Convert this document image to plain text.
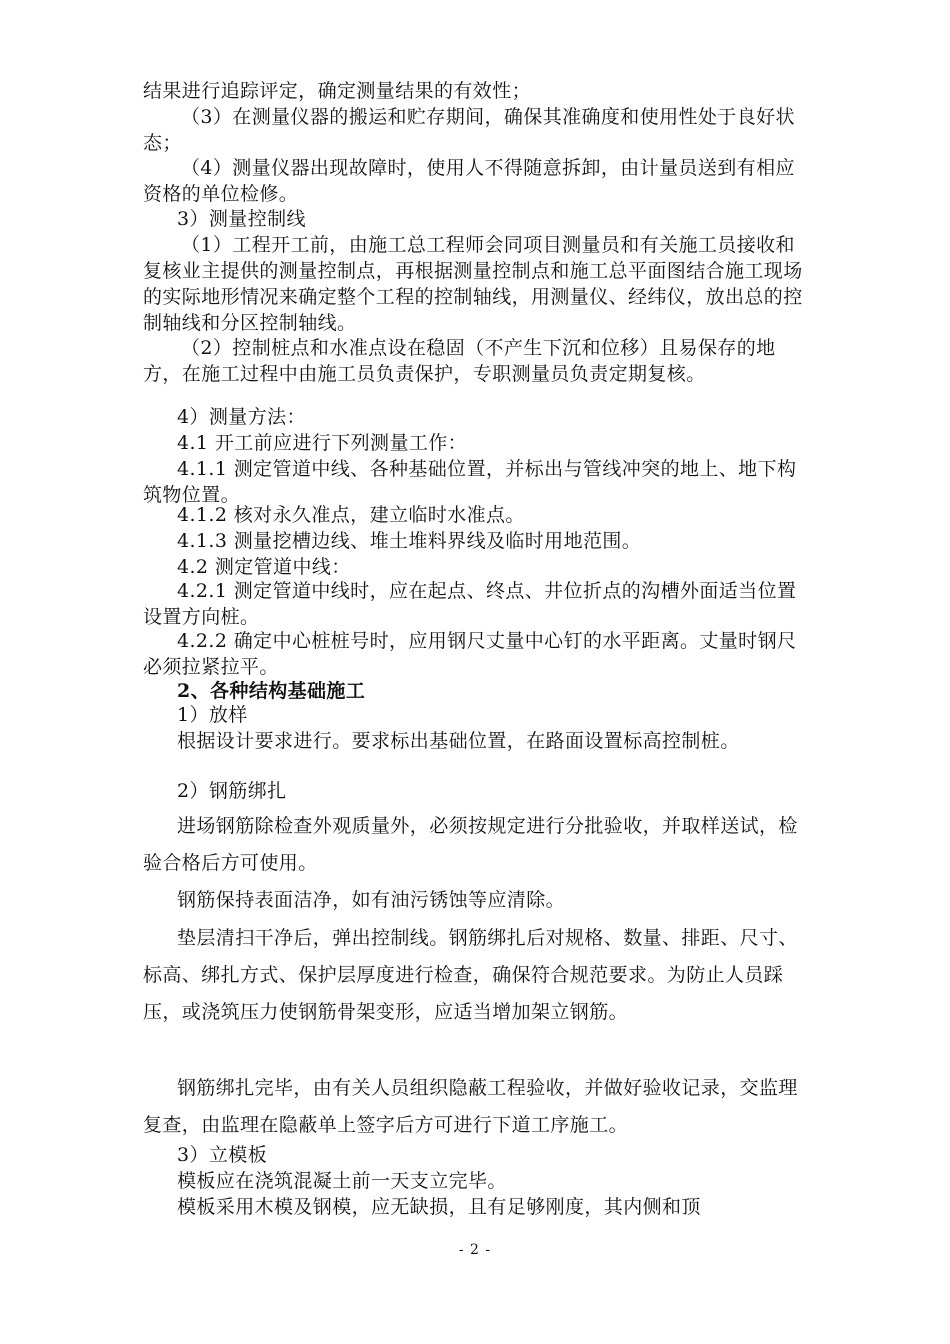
结果进行追踪评定，确定测量结果的有效性；

（3）在测量仪器的搬运和贮存期间，确保其准确度和使用性处于良好状态；

（4）测量仪器出现故障时，使用人不得随意拆卸，由计量员送到有相应资格的单位检修。

3）测量控制线

（1）工程开工前，由施工总工程师会同项目测量员和有关施工员接收和复核业主提供的测量控制点，再根据测量控制点和施工总平面图结合施工现场的实际地形情况来确定整个工程的控制轴线，用测量仪、经纬仪，放出总的控制轴线和分区控制轴线。

（2）控制桩点和水准点设在稳固（不产生下沉和位移）且易保存的地方，在施工过程中由施工员负责保护，专职测量员负责定期复核。

4）测量方法：

4.1 开工前应进行下列测量工作：

4.1.1 测定管道中线、各种基础位置，并标出与管线冲突的地上、地下构筑物位置。

4.1.2 核对永久准点，建立临时水准点。

4.1.3 测量挖槽边线、堆土堆料界线及临时用地范围。

4.2 测定管道中线：

4.2.1 测定管道中线时，应在起点、终点、井位折点的沟槽外面适当位置设置方向桩。

4.2.2 确定中心桩桩号时，应用钢尺丈量中心钉的水平距离。丈量时钢尺必须拉紧拉平。

2、各种结构基础施工

1）放样

根据设计要求进行。要求标出基础位置，在路面设置标高控制桩。

2）钢筋绑扎

进场钢筋除检查外观质量外，必须按规定进行分批验收，并取样送试，检验合格后方可使用。

钢筋保持表面洁净，如有油污锈蚀等应清除。

垫层清扫干净后，弹出控制线。钢筋绑扎后对规格、数量、排距、尺寸、标高、绑扎方式、保护层厚度进行检查，确保符合规范要求。为防止人员踩压，或浇筑压力使钢筋骨架变形，应适当增加架立钢筋。

钢筋绑扎完毕，由有关人员组织隐蔽工程验收，并做好验收记录，交监理复查，由监理在隐蔽单上签字后方可进行下道工序施工。

3）立模板

模板应在浇筑混凝土前一天支立完毕。

模板采用木模及钢模，应无缺损，且有足够刚度，其内侧和顶

- 2 -
